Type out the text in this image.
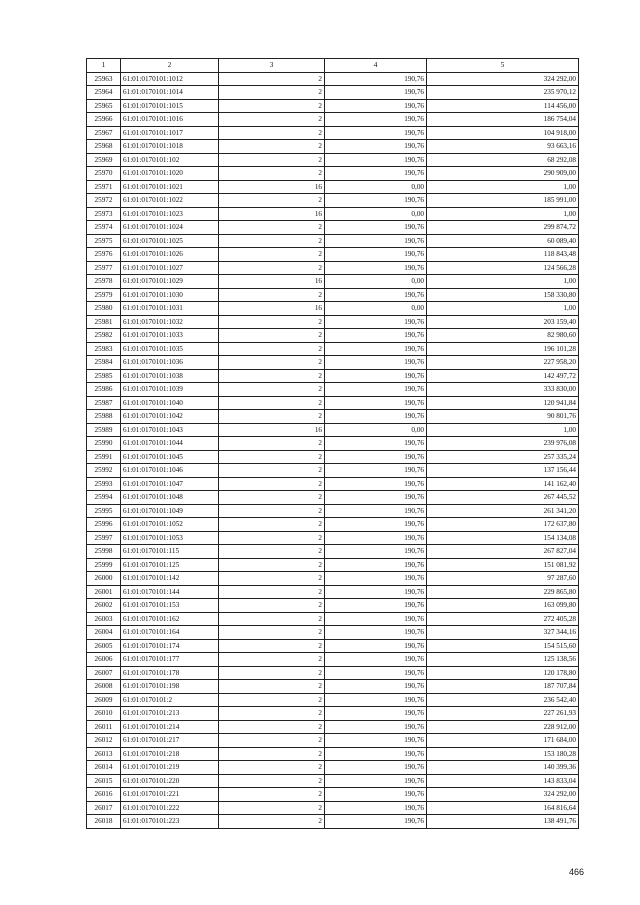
1	2	3	4	5
25963	61:01:0170101:1012	2	190,76	324 292,00
25964	61:01:0170101:1014	2	190,76	235 970,12
25965	61:01:0170101:1015	2	190,76	114 456,00
25966	61:01:0170101:1016	2	190,76	186 754,04
25967	61:01:0170101:1017	2	190,76	104 918,00
25968	61:01:0170101:1018	2	190,76	93 663,16
25969	61:01:0170101:102	2	190,76	68 292,08
25970	61:01:0170101:1020	2	190,76	290 909,00
25971	61:01:0170101:1021	16	0,00	1,00
25972	61:01:0170101:1022	2	190,76	185 991,00
25973	61:01:0170101:1023	16	0,00	1,00
25974	61:01:0170101:1024	2	190,76	299 874,72
25975	61:01:0170101:1025	2	190,76	60 089,40
25976	61:01:0170101:1026	2	190,76	118 843,48
25977	61:01:0170101:1027	2	190,76	124 566,28
25978	61:01:0170101:1029	16	0,00	1,00
25979	61:01:0170101:1030	2	190,76	158 330,80
25980	61:01:0170101:1031	16	0,00	1,00
25981	61:01:0170101:1032	2	190,76	203 159,40
25982	61:01:0170101:1033	2	190,76	82 980,60
25983	61:01:0170101:1035	2	190,76	196 101,28
25984	61:01:0170101:1036	2	190,76	227 958,20
25985	61:01:0170101:1038	2	190,76	142 497,72
25986	61:01:0170101:1039	2	190,76	333 830,00
25987	61:01:0170101:1040	2	190,76	120 941,84
25988	61:01:0170101:1042	2	190,76	90 801,76
25989	61:01:0170101:1043	16	0,00	1,00
25990	61:01:0170101:1044	2	190,76	239 976,08
25991	61:01:0170101:1045	2	190,76	257 335,24
25992	61:01:0170101:1046	2	190,76	137 156,44
25993	61:01:0170101:1047	2	190,76	141 162,40
25994	61:01:0170101:1048	2	190,76	267 445,52
25995	61:01:0170101:1049	2	190,76	261 341,20
25996	61:01:0170101:1052	2	190,76	172 637,80
25997	61:01:0170101:1053	2	190,76	154 134,08
25998	61:01:0170101:115	2	190,76	267 827,04
25999	61:01:0170101:125	2	190,76	151 081,92
26000	61:01:0170101:142	2	190,76	97 287,60
26001	61:01:0170101:144	2	190,76	229 865,80
26002	61:01:0170101:153	2	190,76	163 099,80
26003	61:01:0170101:162	2	190,76	272 405,28
26004	61:01:0170101:164	2	190,76	327 344,16
26005	61:01:0170101:174	2	190,76	154 515,60
26006	61:01:0170101:177	2	190,76	125 138,56
26007	61:01:0170101:178	2	190,76	120 178,80
26008	61:01:0170101:198	2	190,76	187 707,84
26009	61:01:0170101:2	2	190,76	236 542,40
26010	61:01:0170101:213	2	190,76	227 261,93
26011	61:01:0170101:214	2	190,76	228 912,00
26012	61:01:0170101:217	2	190,76	171 684,00
26013	61:01:0170101:218	2	190,76	153 180,28
26014	61:01:0170101:219	2	190,76	140 399,36
26015	61:01:0170101:220	2	190,76	143 833,04
26016	61:01:0170101:221	2	190,76	324 292,00
26017	61:01:0170101:222	2	190,76	164 816,64
26018	61:01:0170101:223	2	190,76	138 491,76
466
